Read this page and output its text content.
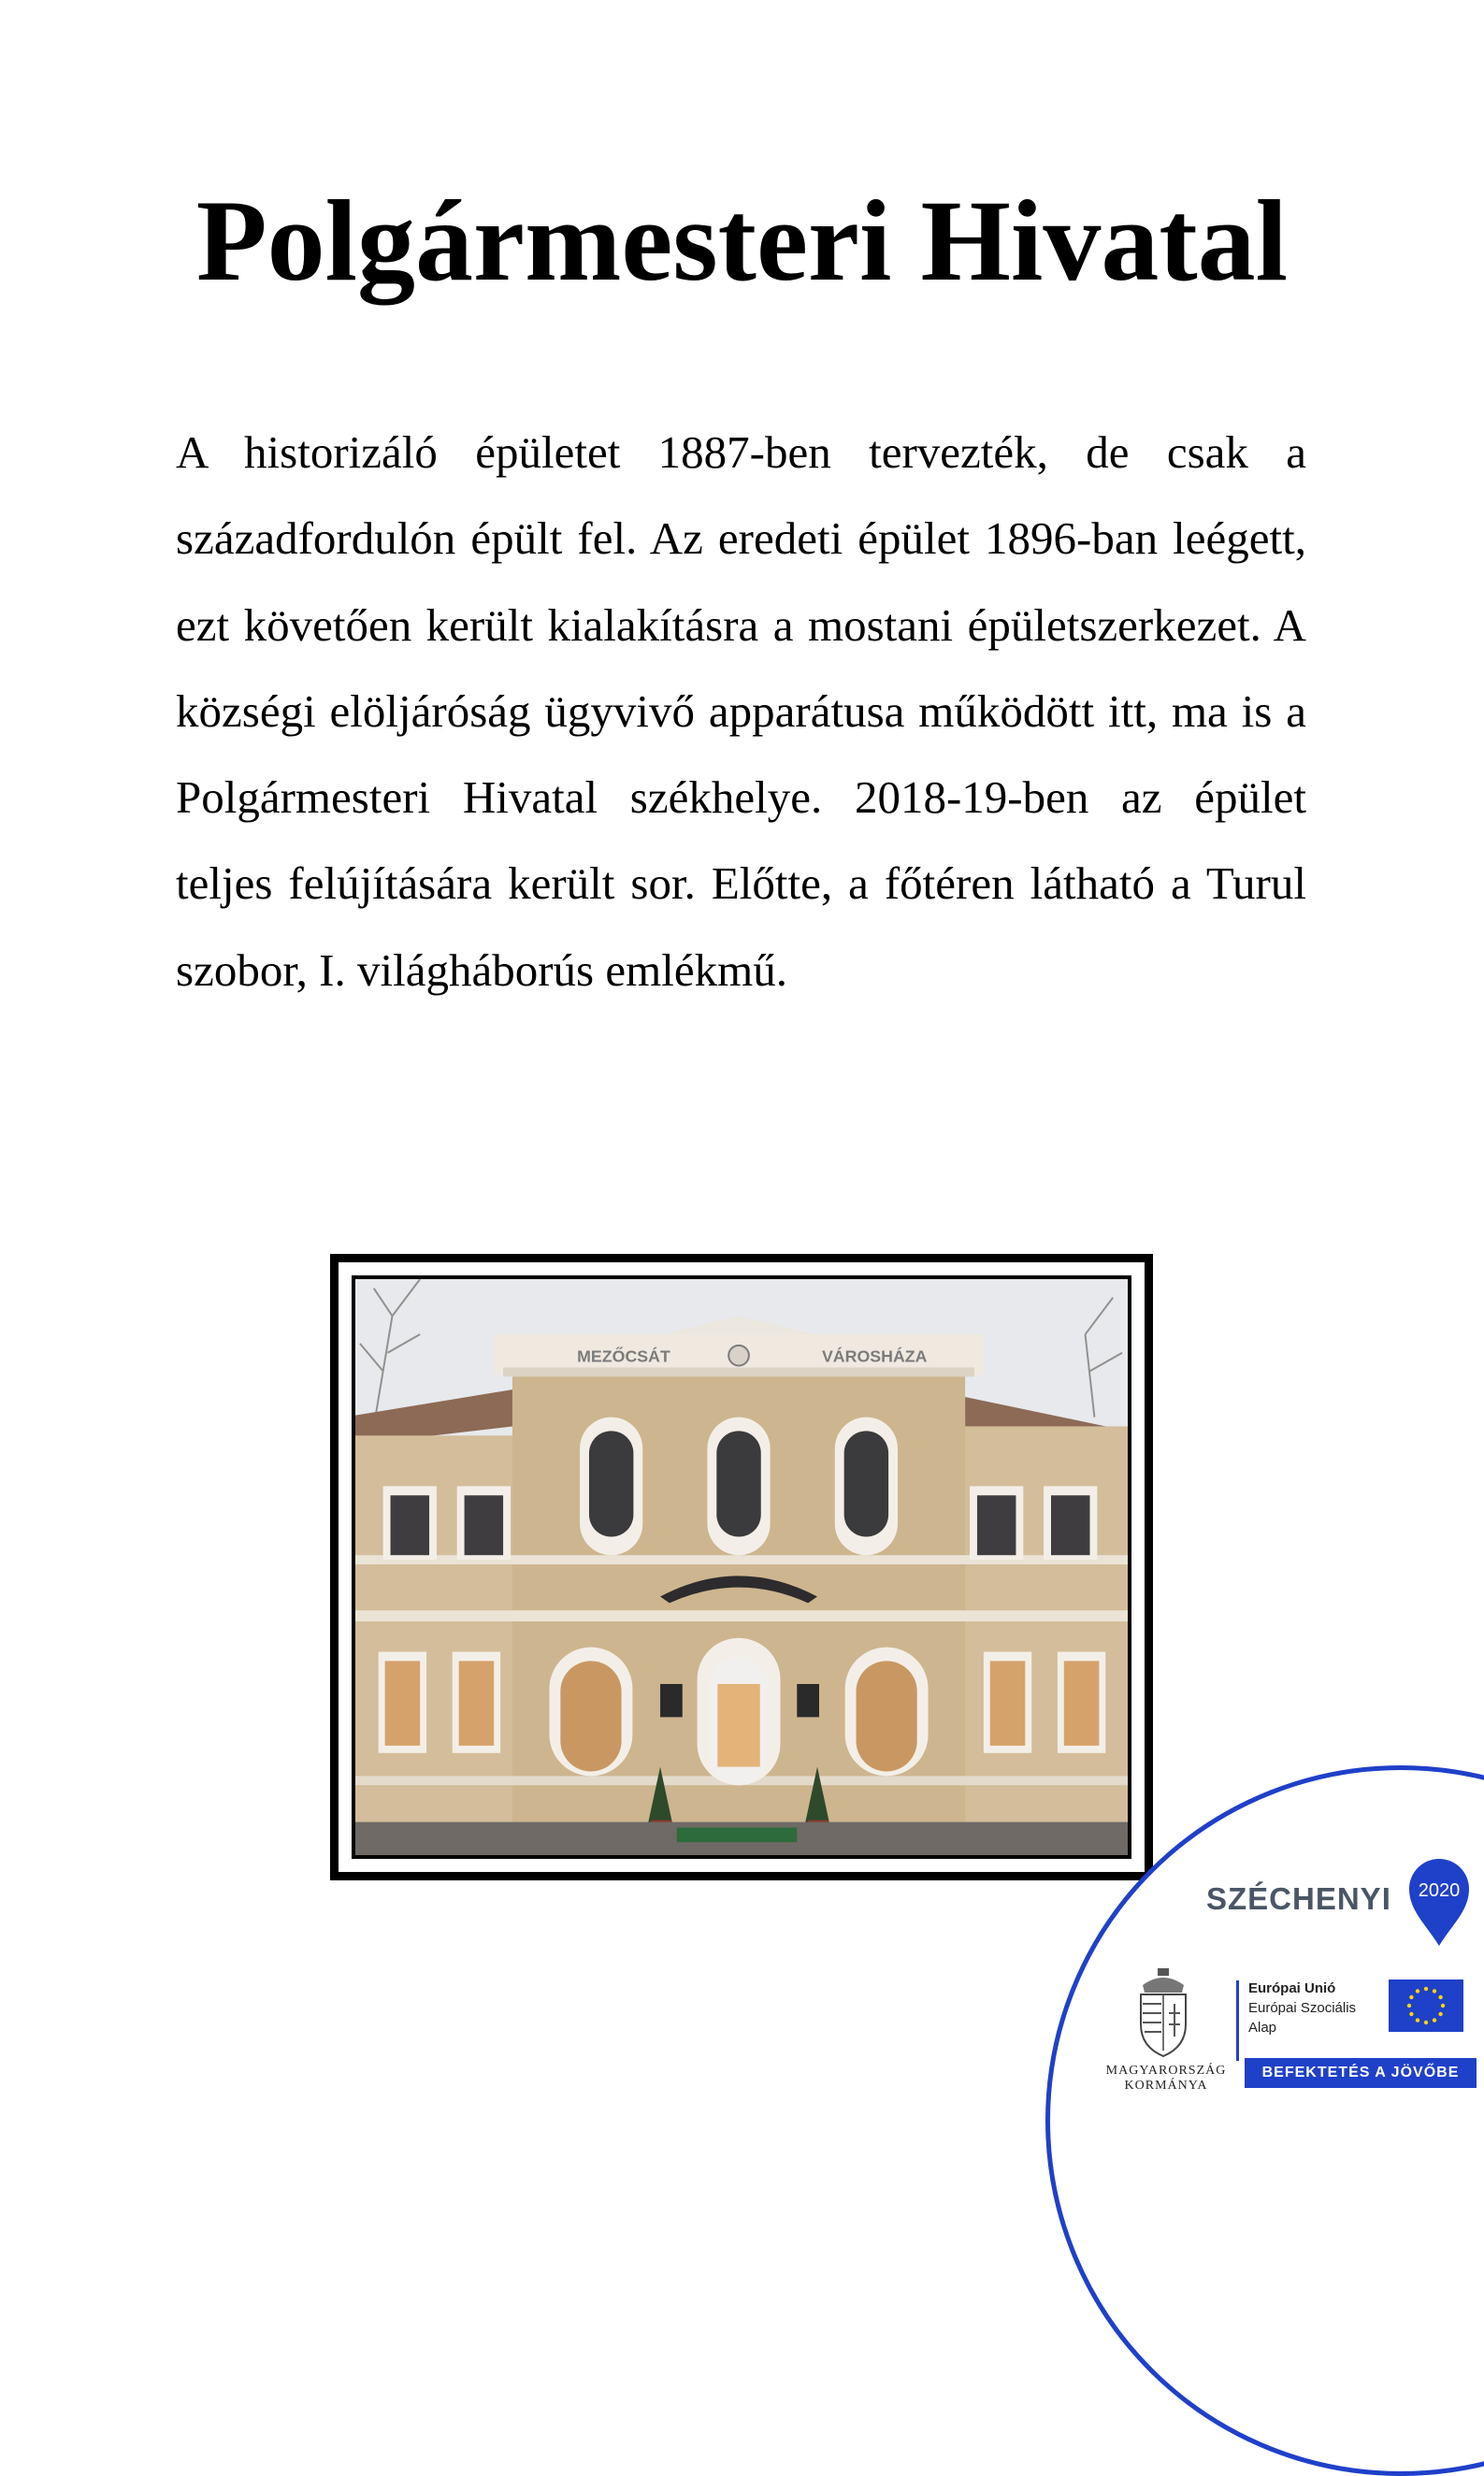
Polgármesteri Hivatal

A historizáló épületet 1887-ben tervezték, de csak a századfordulón épült fel. Az eredeti épület 1896-ban leégett, ezt követően került kialakításra a mostani épületszerkezet. A községi elöljáróság ügyvivő apparátusa működött itt, ma is a Polgármesteri Hivatal székhelye. 2018-19-ben az épület teljes felújítására került sor. Előtte, a főtéren látható a Turul szobor, I. világháborús emlékmű.

MEZŐCSÁT	VÁROSHÁZA
SZÉCHENYI 2020
MAGYARORSZÁG
KORMÁNYA
Európai Unió
Európai Szociális
Alap
BEFEKTETÉS A JÖVŐBE
